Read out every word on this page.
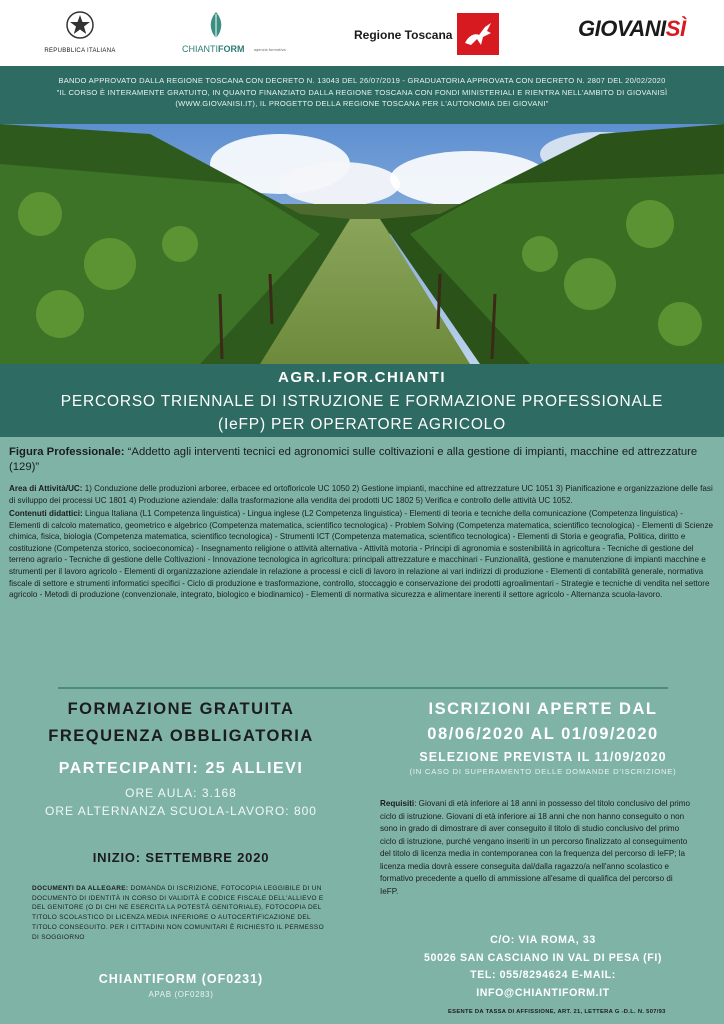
REPUBBLICA ITALIANA	CHIANTIFORM	agenzia formativa
Regione Toscana	GIOVANISÌ
BANDO APPROVATO DALLA REGIONE TOSCANA CON DECRETO N. 13043 DEL 26/07/2019 - GRADUATORIA APPROVATA CON DECRETO N. 2807 DEL 20/02/2020
"IL CORSO È INTERAMENTE GRATUITO, IN QUANTO FINANZIATO DALLA REGIONE TOSCANA CON FONDI MINISTERIALI E RIENTRA NELL'AMBITO DI GIOVANISÌ
(WWW.GIOVANISI.IT), IL PROGETTO DELLA REGIONE TOSCANA PER L'AUTONOMIA DEI GIOVANI"
AGR.I.FOR.CHIANTI
PERCORSO TRIENNALE DI ISTRUZIONE E FORMAZIONE PROFESSIONALE
(IeFP) PER OPERATORE AGRICOLO
Figura Professionale: “Addetto agli interventi tecnici ed agronomici sulle coltivazioni e alla gestione di impianti, macchine ed attrezzature (129)”
Area di Attività/UC: 1) Conduzione delle produzioni arboree, erbacee ed ortofloricole UC 1050 2) Gestione impianti, macchine ed attrezzature UC 1051 3) Pianificazione e organizzazione delle fasi di sviluppo dei processi UC 1801 4) Produzione aziendale: dalla trasformazione alla vendita dei prodotti UC 1802 5) Verifica e controllo delle attività UC 1052.
Contenuti didattici: Lingua Italiana (L1 Competenza linguistica) - Lingua inglese (L2 Competenza linguistica) - Elementi di teoria e tecniche della comunicazione (Competenza linguistica) - Elementi di calcolo matematico, geometrico e algebrico (Competenza matematica, scientifico tecnologica) - Problem Solving (Competenza matematica, scientifico tecnologica) - Elementi di Scienze chimica, fisica, biologia (Competenza matematica, scientifico tecnologica) - Strumenti ICT (Competenza matematica, scientifico tecnologica) - Elementi di Storia e geografia, Politica, diritto e costituzione (Competenza storico, socioeconomica) - Insegnamento religione o attività alternativa - Attività motoria - Principi di agronomia e sostenibilità in agricoltura - Tecniche di gestione del terreno agrario - Tecniche di gestione delle Coltivazioni - Innovazione tecnologica in agricoltura: principali attrezzature e macchinari - Funzionalità, gestione e manutenzione di impianti macchine e strumenti per il lavoro agricolo - Elementi di organizzazione aziendale in relazione a processi e cicli di lavoro in relazione ai vari indirizzi di produzione - Elementi di contabilità generale, normativa fiscale di settore e strumenti informatici specifici - Ciclo di produzione e trasformazione, controllo, stoccaggio e conservazione dei prodotti agroalimentari - Strategie e tecniche di vendita nel settore agricolo - Metodi di produzione (convenzionale, integrato, biologico e biodinamico) - Elementi di normativa sicurezza e alimentare inerenti il settore agricolo - Alternanza scuola-lavoro.
FORMAZIONE GRATUITA
FREQUENZA OBBLIGATORIA
PARTECIPANTI: 25 ALLIEVI
ORE AULA: 3.168
ORE ALTERNANZA SCUOLA-LAVORO: 800
INIZIO: SETTEMBRE 2020
DOCUMENTI DA ALLEGARE: DOMANDA DI ISCRIZIONE, FOTOCOPIA LEGGIBILE DI UN DOCUMENTO DI IDENTITÀ IN CORSO DI VALIDITÀ E CODICE FISCALE DELL'ALLIEVO E DEL GENITORE (O DI CHI NE ESERCITA LA POTESTÀ GENITORIALE), FOTOCOPIA DEL TITOLO SCOLASTICO DI LICENZA MEDIA INFERIORE O AUTOCERTIFICAZIONE DEL TITOLO CONSEGUITO. PER I CITTADINI NON COMUNITARI È RICHIESTO IL PERMESSO DI SOGGIORNO
CHIANTIFORM (OF0231)
APAB (OF0283)
ISCRIZIONI APERTE DAL
08/06/2020 AL 01/09/2020
SELEZIONE PREVISTA IL 11/09/2020
(IN CASO DI SUPERAMENTO DELLE DOMANDE D'ISCRIZIONE)
Requisiti: Giovani di età inferiore ai 18 anni in possesso del titolo conclusivo del primo ciclo di istruzione. Giovani di età inferiore ai 18 anni che non hanno conseguito o non sono in grado di dimostrare di aver conseguito il titolo di studio conclusivo del primo ciclo di istruzione, purché vengano inseriti in un percorso finalizzato al conseguimento del titolo di licenza media in contemporanea con la frequenza del percorso di IeFP; la licenza media dovrà essere conseguita dal/dalla ragazzo/a nell'anno scolastico e formativo precedente a quello di ammissione all'esame di qualifica del percorso di IeFP.
C/O: VIA ROMA, 33
50026 SAN CASCIANO IN VAL DI PESA (FI)
TEL: 055/8294624 E-MAIL:
INFO@CHIANTIFORM.IT
ESENTE DA TASSA DI AFFISSIONE, ART. 21, LETTERA G -D.L. N. 507/93
